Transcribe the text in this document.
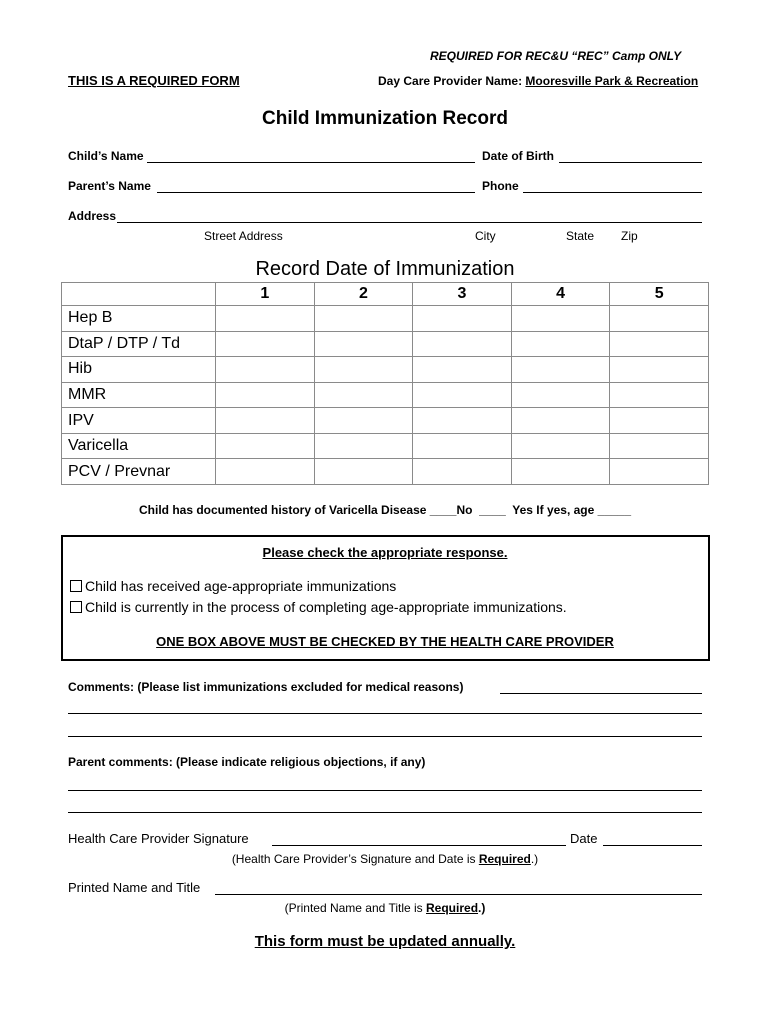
REQUIRED FOR REC&U “REC” Camp ONLY
THIS IS A REQUIRED FORM	Day Care Provider Name: Mooresville Park & Recreation
Child Immunization Record
Child’s Name	Date of Birth
Parent’s Name	Phone
Address
Street Address	City	State Zip
Record Date of Immunization
	1	2	3	4	5
Hep B					
DtaP / DTP / Td					
Hib					
MMR					
IPV					
Varicella					
PCV / Prevnar					
Child has documented history of Varicella Disease ____No  ____  Yes If yes, age _____
Please check the appropriate response.
Child has received age-appropriate immunizations
Child is currently in the process of completing age-appropriate immunizations.
ONE BOX ABOVE MUST BE CHECKED BY THE HEALTH CARE PROVIDER
Comments: (Please list immunizations excluded for medical reasons)
Parent comments: (Please indicate religious objections, if any)
Health Care Provider Signature	Date
(Health Care Provider’s Signature and Date is Required.)
Printed Name and Title
(Printed Name and Title is Required.)
This form must be updated annually.
